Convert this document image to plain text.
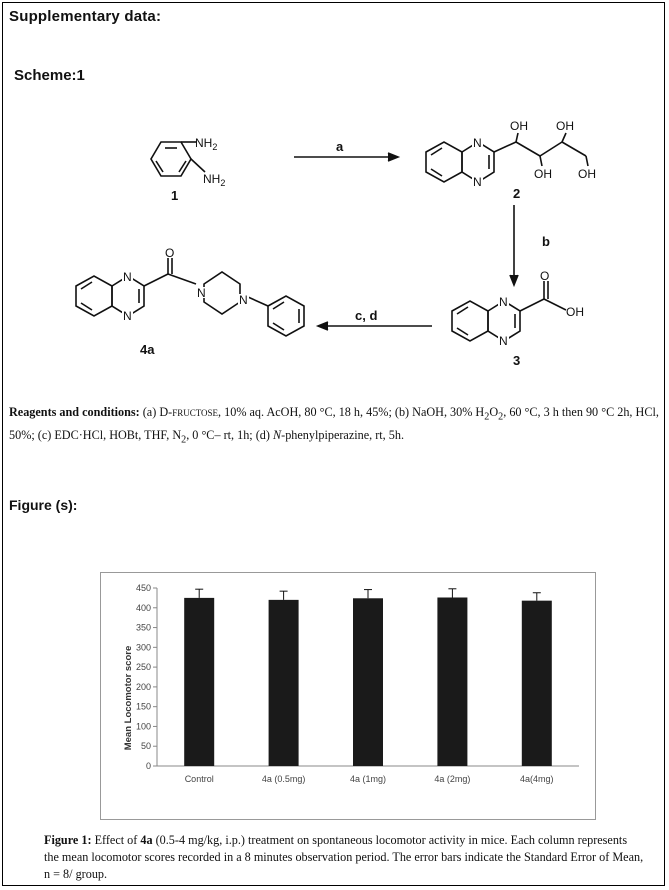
Supplementary data:
Scheme:1
$NH_2$
$NH_2$
N
N
OH OH
OH OH
N
N
O
OH
N
N
O
N	N
1	2
3
4a
a
b
c, d
Reagents and conditions: (a) D-fructose, 10% aq. AcOH, 80 °C, 18 h, 45%; (b) NaOH, 30% $H_2O_2$, 60 °C, 3 h then 90 °C 2h, HCl, 50%; (c) EDC·HCl, HOBt, THF, $N_2$, 0 °C– rt, 1h; (d) N-phenylpiperazine, rt, 5h.
Figure (s):
0
50
100
150
200
250
300
350
400
450
Control	4a (0.5mg)	4a (1mg)	4a (2mg)	4a(4mg)
Mean Locomotor score
Figure 1: Effect of 4a (0.5-4 mg/kg, i.p.) treatment on spontaneous locomotor activity in mice. Each column represents the mean locomotor scores recorded in a 8 minutes observation period. The error bars indicate the Standard Error of Mean, n = 8/ group.
